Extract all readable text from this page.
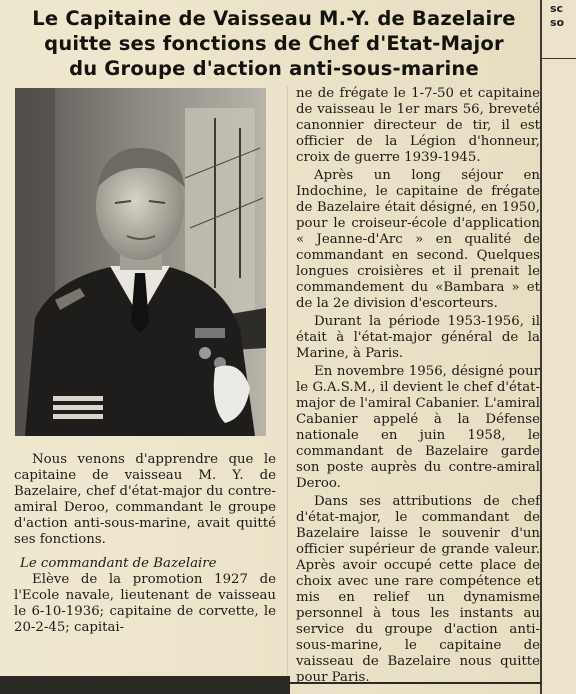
sc
so
Le Capitaine de Vaisseau M.-Y. de Bazelaire
quitte ses fonctions de Chef d'Etat-Major
du Groupe d'action anti-sous-marine

Nous venons d'apprendre que le capitaine de vaisseau M. Y. de Bazelaire, chef d'état-major du contre-amiral Deroo, commandant le groupe d'action anti-sous-marine, avait quitté ses fonctions.

Le commandant de Bazelaire

Elève de la promotion 1927 de l'Ecole navale, lieutenant de vaisseau le 6-10-1936; capitaine de corvette, le 20-2-45; capitai-

ne de frégate le 1-7-50 et capitaine de vaisseau le 1er mars 56, breveté canonnier directeur de tir, il est officier de la Légion d'honneur, croix de guerre 1939-1945.

Après un long séjour en Indochine, le capitaine de frégate de Bazelaire était désigné, en 1950, pour le croiseur-école d'application « Jeanne-d'Arc » en qualité de commandant en second. Quelques longues croisières et il prenait le commandement du «Bambara » et de la 2e division d'escorteurs.

Durant la période 1953-1956, il était à l'état-major général de la Marine, à Paris.

En novembre 1956, désigné pour le G.A.S.M., il devient le chef d'état-major de l'amiral Cabanier. L'amiral Cabanier appelé à la Défense nationale en juin 1958, le commandant de Bazelaire garde son poste auprès du contre-amiral Deroo.

Dans ses attributions de chef d'état-major, le commandant de Bazelaire laisse le souvenir d'un officier supérieur de grande valeur. Après avoir occupé cette place de choix avec une rare compétence et mis en relief un dynamisme personnel à tous les instants au service du groupe d'action anti-sous-marine, le capitaine de vaisseau de Bazelaire nous quitte pour Paris.
